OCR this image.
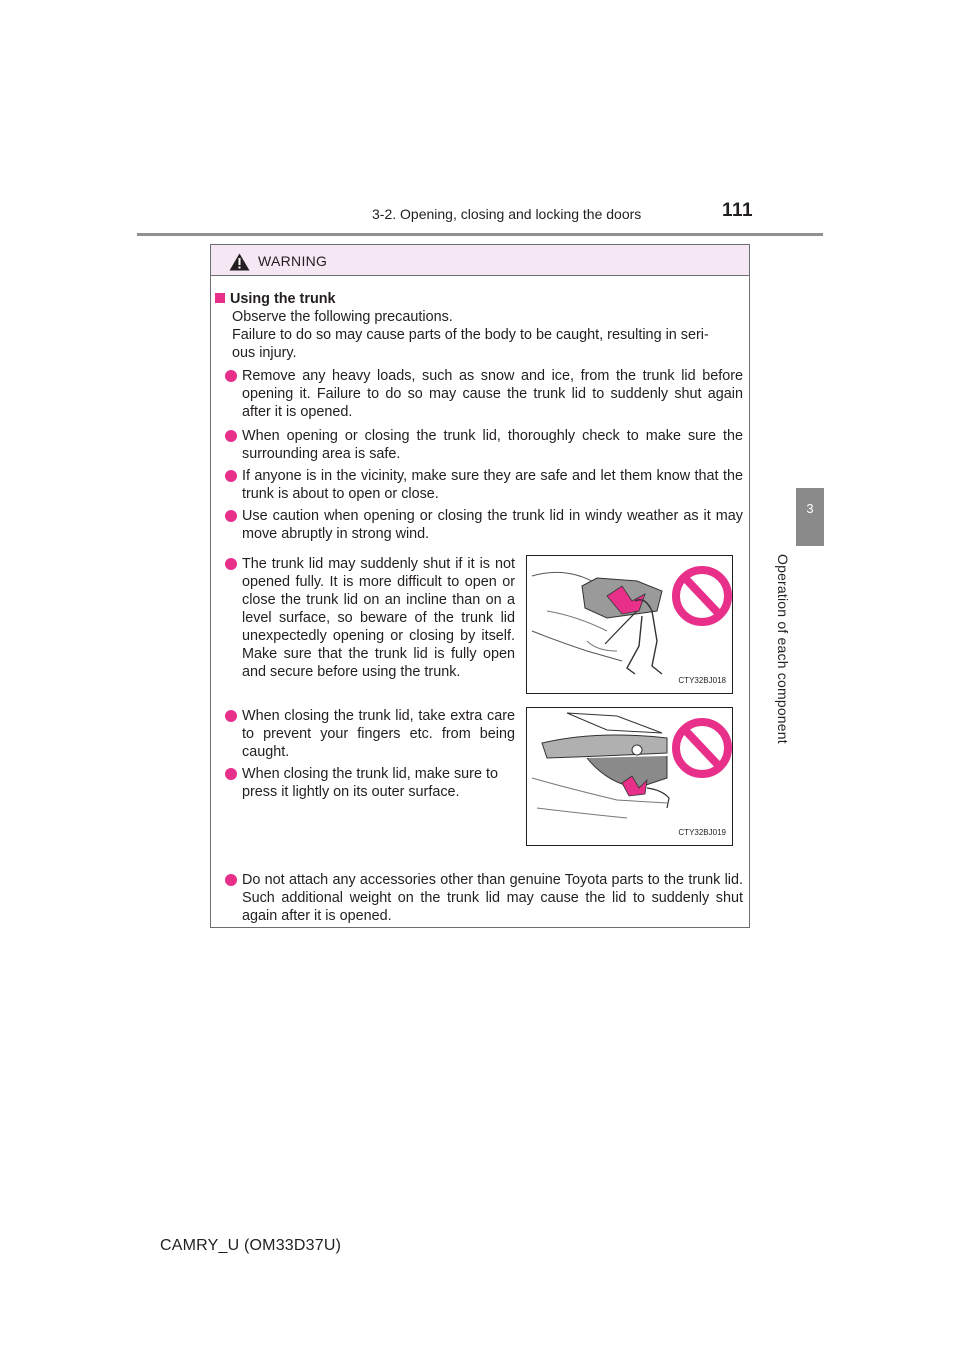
3-2. Opening, closing and locking the doors	111
3
Operation of each component
WARNING
Using the trunk
Observe the following precautions.
Failure to do so may cause parts of the body to be caught, resulting in seri-
ous injury.
Remove any heavy loads, such as snow and ice, from the trunk lid before opening it. Failure to do so may cause the trunk lid to suddenly shut again after it is opened.
When opening or closing the trunk lid, thoroughly check to make sure the surrounding area is safe.
If anyone is in the vicinity, make sure they are safe and let them know that the trunk is about to open or close.
Use caution when opening or closing the trunk lid in windy weather as it may move abruptly in strong wind.
The trunk lid may suddenly shut if it is not opened fully. It is more difficult to open or close the trunk lid on an incline than on a level surface, so beware of the trunk lid unexpectedly opening or closing by itself. Make sure that the trunk lid is fully open and secure before using the trunk.
CTY32BJ018
When closing the trunk lid, take extra care to prevent your fingers etc. from being caught.
When closing the trunk lid, make sure to press it lightly on its outer surface.
CTY32BJ019
Do not attach any accessories other than genuine Toyota parts to the trunk lid. Such additional weight on the trunk lid may cause the lid to suddenly shut again after it is opened.
CAMRY_U (OM33D37U)
